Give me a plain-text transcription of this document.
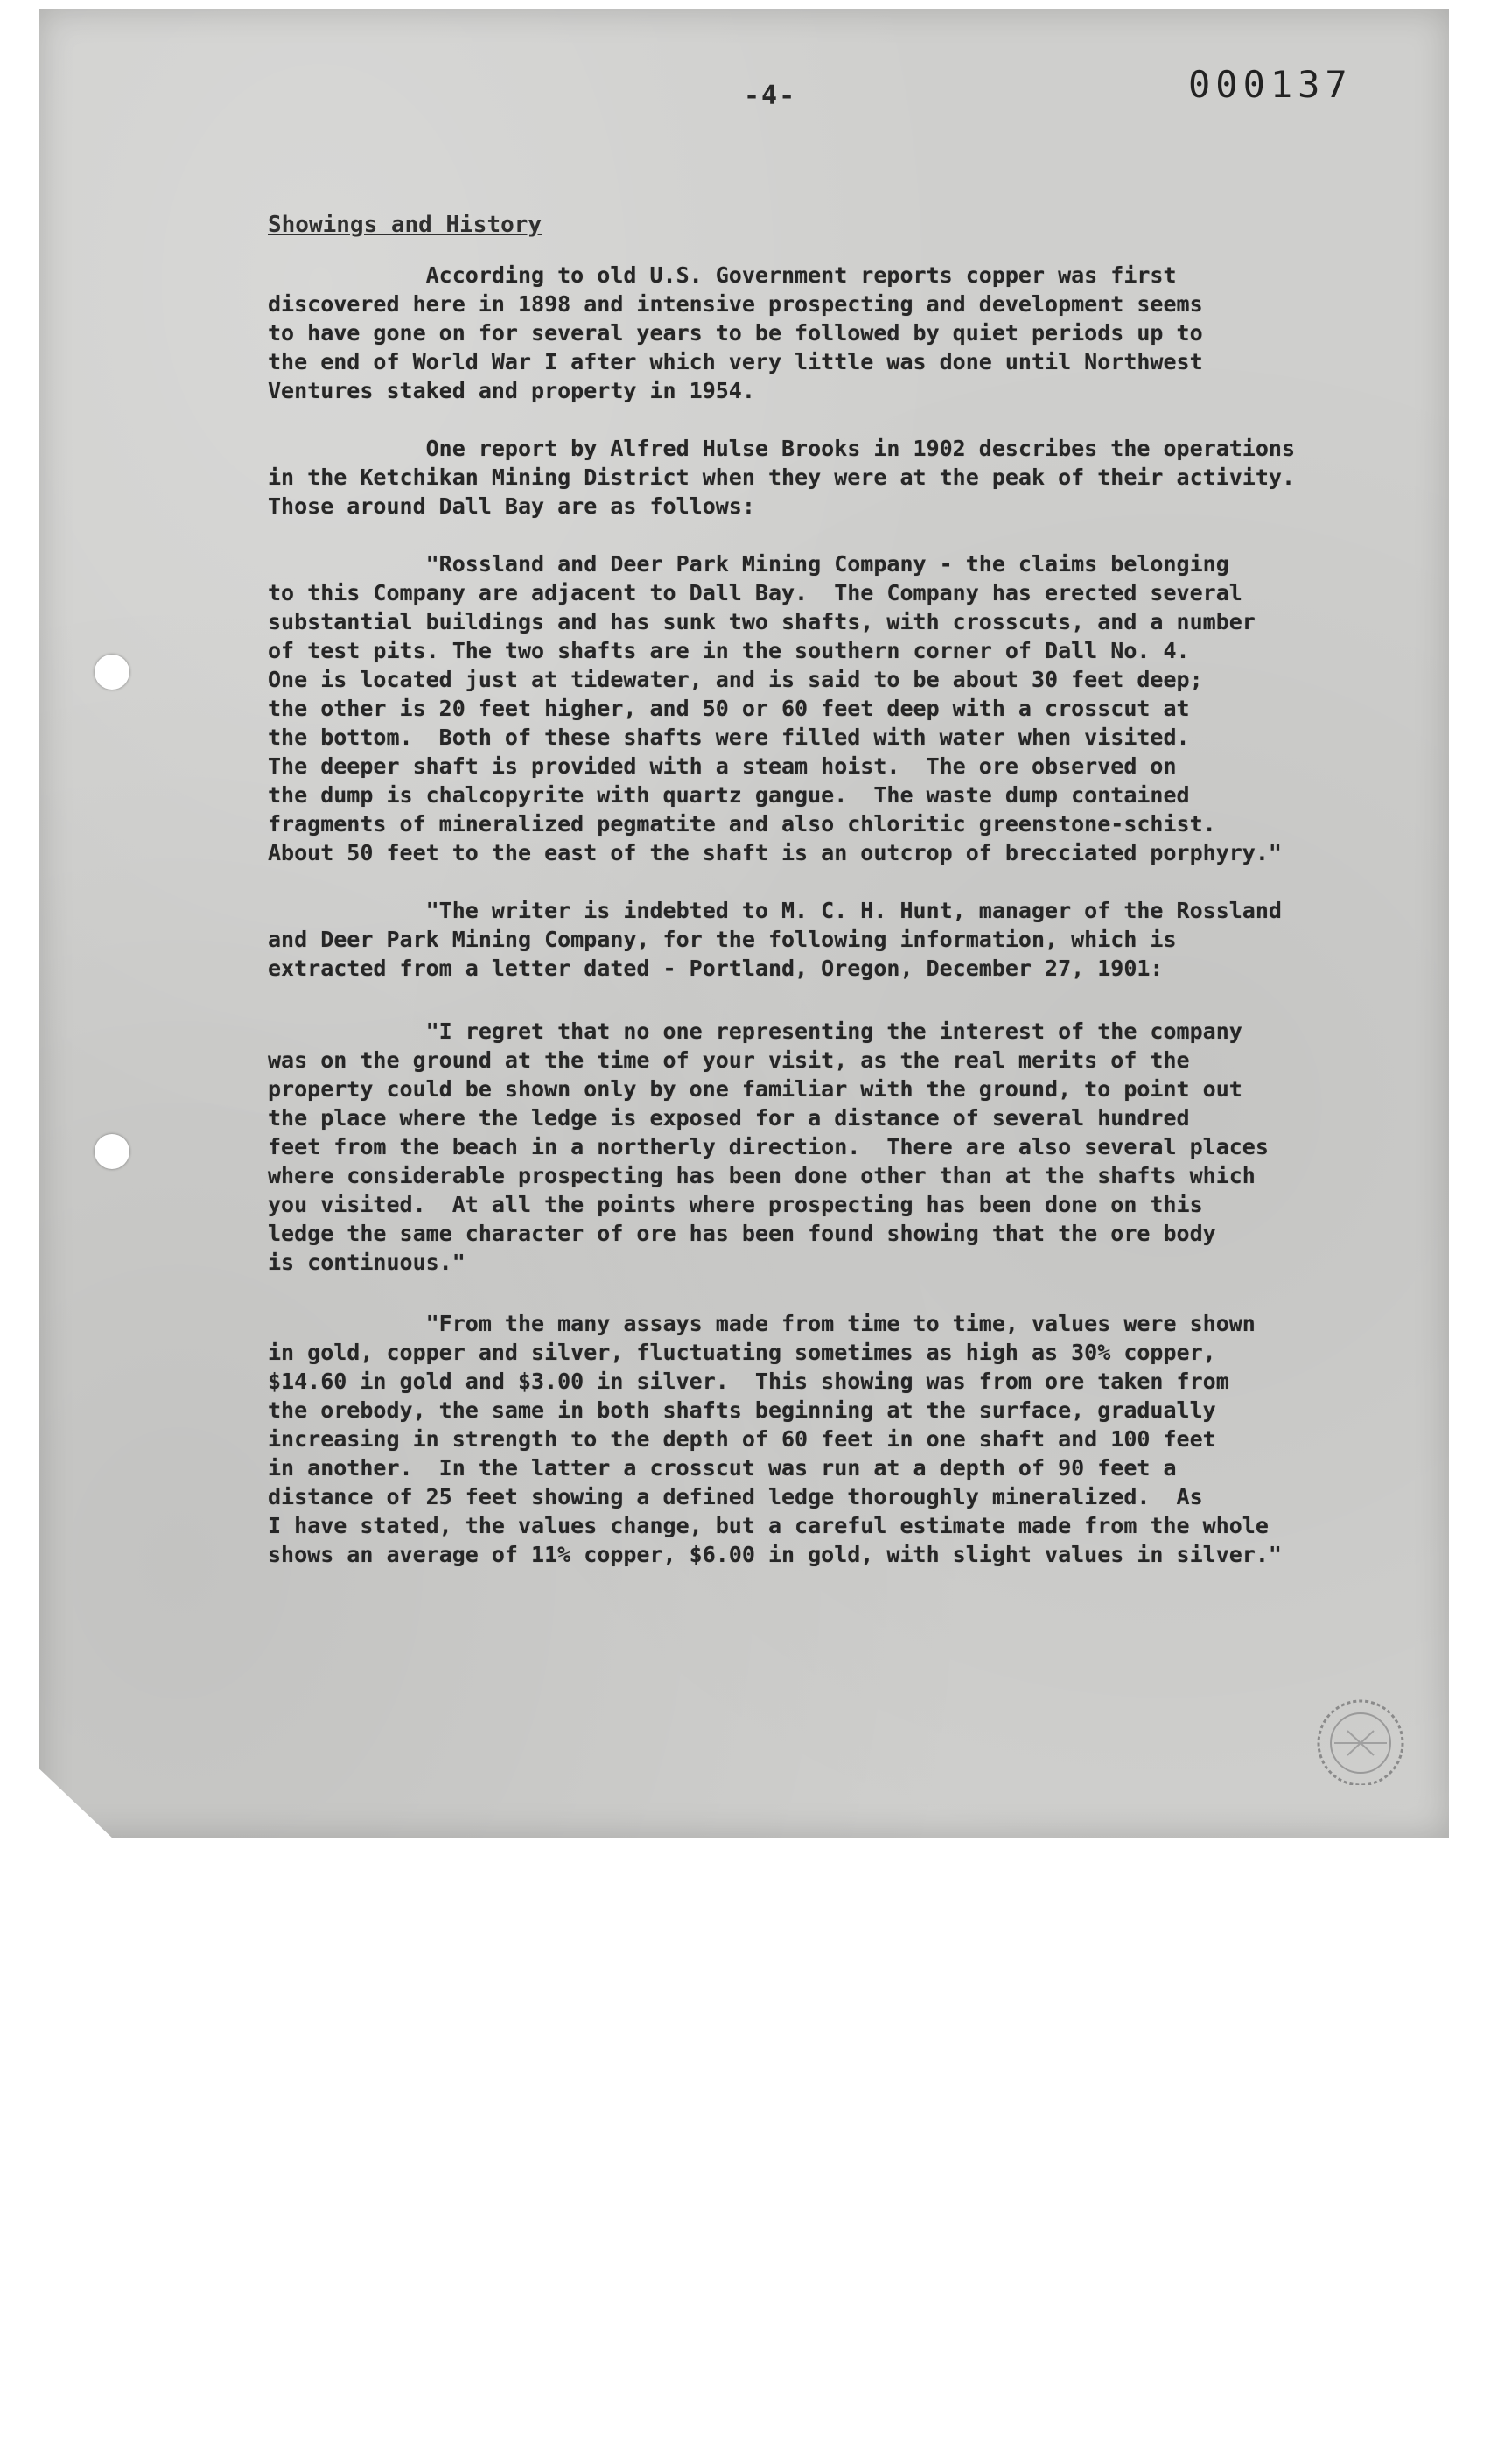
-4-	000137
Showings and History
According to old U.S. Government reports copper was first
discovered here in 1898 and intensive prospecting and development seems
to have gone on for several years to be followed by quiet periods up to
the end of World War I after which very little was done until Northwest
Ventures staked and property in 1954.
One report by Alfred Hulse Brooks in 1902 describes the operations
in the Ketchikan Mining District when they were at the peak of their activity.
Those around Dall Bay are as follows:
"Rossland and Deer Park Mining Company - the claims belonging
to this Company are adjacent to Dall Bay.  The Company has erected several
substantial buildings and has sunk two shafts, with crosscuts, and a number
of test pits. The two shafts are in the southern corner of Dall No. 4.
One is located just at tidewater, and is said to be about 30 feet deep;
the other is 20 feet higher, and 50 or 60 feet deep with a crosscut at
the bottom.  Both of these shafts were filled with water when visited.
The deeper shaft is provided with a steam hoist.  The ore observed on
the dump is chalcopyrite with quartz gangue.  The waste dump contained
fragments of mineralized pegmatite and also chloritic greenstone-schist.
About 50 feet to the east of the shaft is an outcrop of brecciated porphyry."
"The writer is indebted to M. C. H. Hunt, manager of the Rossland
and Deer Park Mining Company, for the following information, which is
extracted from a letter dated - Portland, Oregon, December 27, 1901:
"I regret that no one representing the interest of the company
was on the ground at the time of your visit, as the real merits of the
property could be shown only by one familiar with the ground, to point out
the place where the ledge is exposed for a distance of several hundred
feet from the beach in a northerly direction.  There are also several places
where considerable prospecting has been done other than at the shafts which
you visited.  At all the points where prospecting has been done on this
ledge the same character of ore has been found showing that the ore body
is continuous."
"From the many assays made from time to time, values were shown
in gold, copper and silver, fluctuating sometimes as high as 30% copper,
$14.60 in gold and $3.00 in silver.  This showing was from ore taken from
the orebody, the same in both shafts beginning at the surface, gradually
increasing in strength to the depth of 60 feet in one shaft and 100 feet
in another.  In the latter a crosscut was run at a depth of 90 feet a
distance of 25 feet showing a defined ledge thoroughly mineralized.  As
I have stated, the values change, but a careful estimate made from the whole
shows an average of 11% copper, $6.00 in gold, with slight values in silver."
